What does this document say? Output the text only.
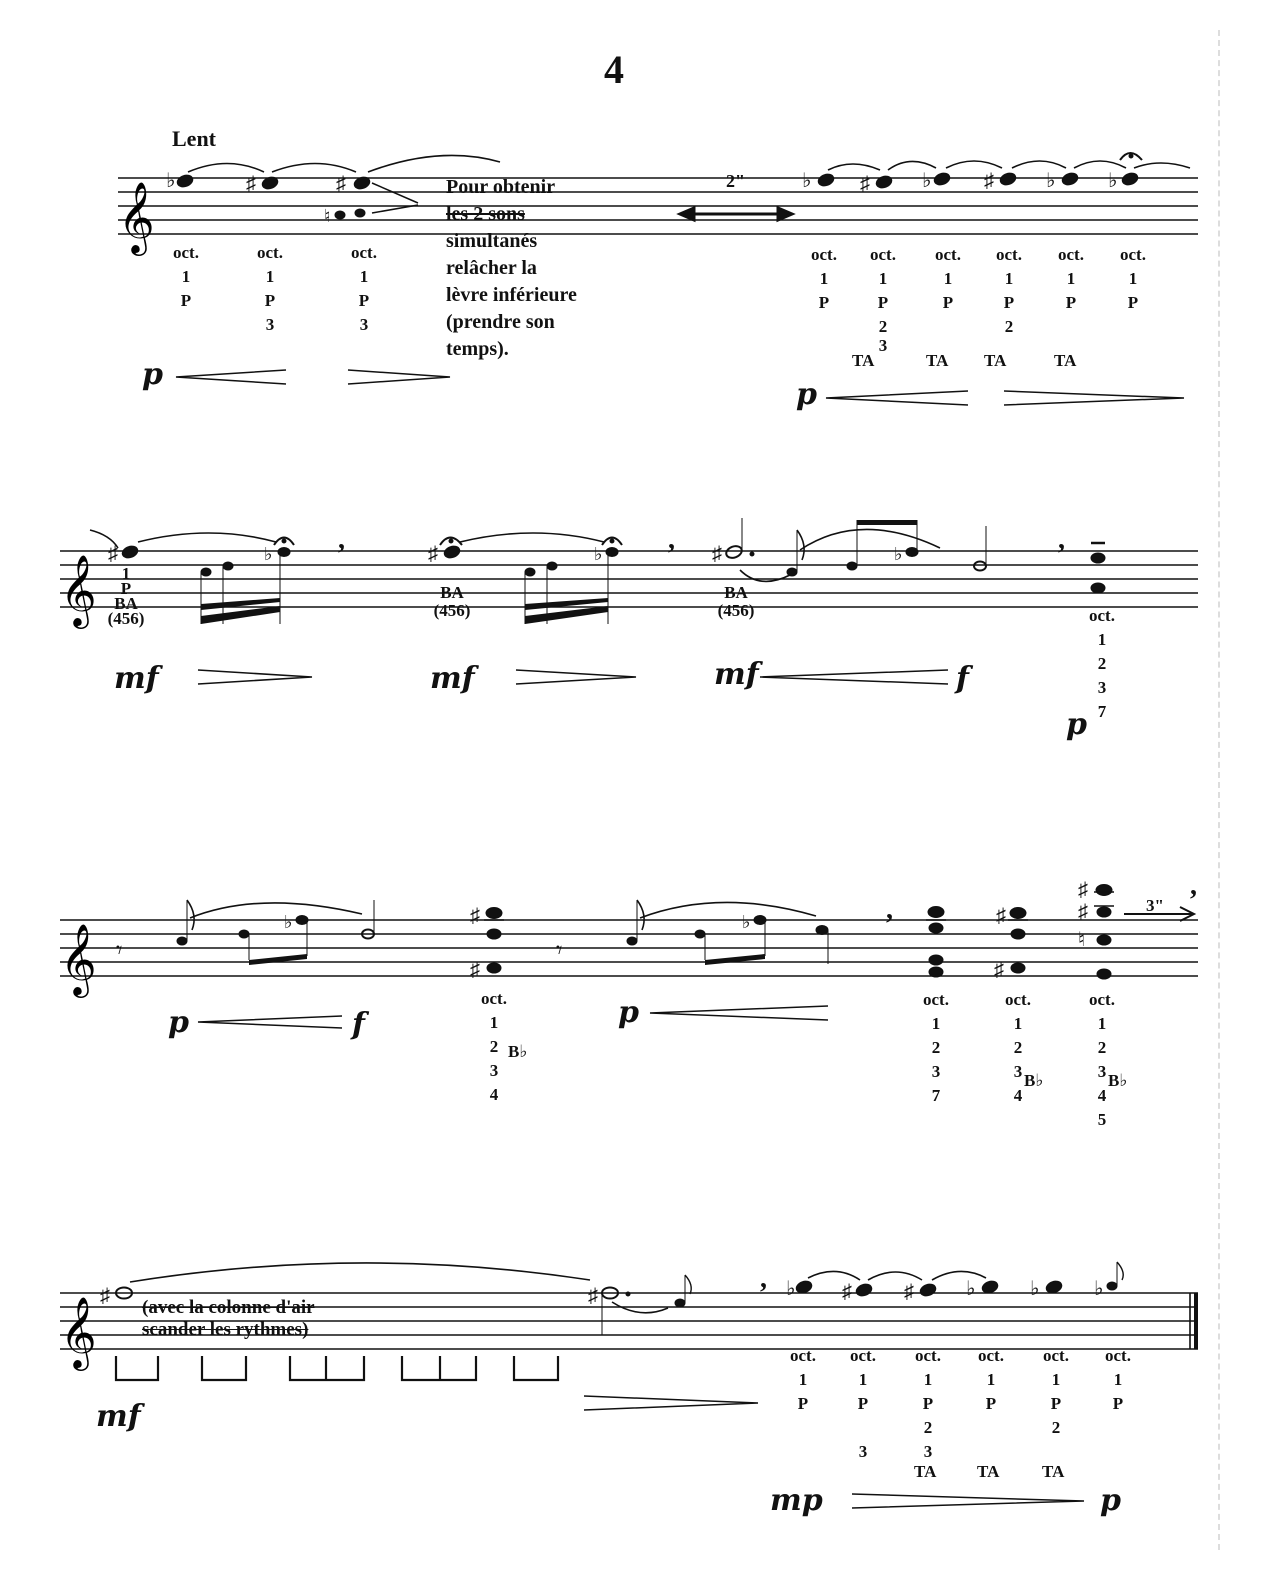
4
Lent
𝄞 ♭	♯	♯
♮
♭ ♯	♭	♯	♭	♭
Pour obtenir
les 2 sons
simultanés
relâcher la
lèvre inférieure
(prendre son
temps).
2"
oct.
1
P
oct.
1
P
3
oct.
1
P
3
oct.
1
P
oct.
1
P
2
3
oct.
1
P
oct.
1
P
2
oct.
1
P
oct.
1
P
TA	TA TA	TA
p
p
𝄞 ♯	♭ ,	♯	♭ , ♯	♭	,
1
P
BA
(456)
BA
(456)
BA
(456)	oct.
1
2
3
7
mf	mf	mf	f
p
𝄞 𝄾
♭	♯
♯
𝄾
♭	,	♯
♯
♯
♯
♮
,
3"
oct.
1
2
3
4
B♭
oct.
1
2
3
7
oct.
1
2
3
4
B♭
oct.
1
2
3
4
5
B♭
p	f	p
𝄞 ♯	♯
, ♭ ♯	♯	♭	♭	♭
(avec la colonne d'air
scander les rythmes)
oct.
1
P
oct.
1
P
3
oct.
1
P
2
3
oct.
1
P
oct.
1
P
2
oct.
1
P
TA TA	TA
mf
mp	p
